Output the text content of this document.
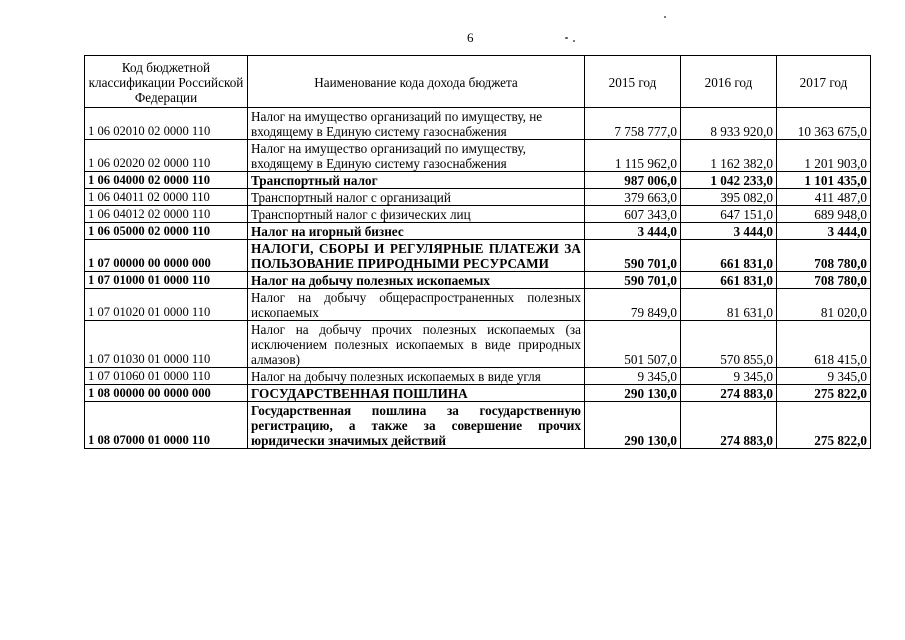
6
Код бюджетной классификации Российской Федерации	Наименование кода дохода бюджета	2015 год	2016 год	2017 год
1 06 02010 02 0000 110	Налог на имущество организаций по имуществу, не входящему в Единую систему газоснабжения	7 758 777,0	8 933 920,0	10 363 675,0
1 06 02020 02 0000 110	Налог на имущество организаций по имуществу, входящему в Единую систему газоснабжения	1 115 962,0	1 162 382,0	1 201 903,0
1 06 04000 02 0000 110	Транспортный налог	987 006,0	1 042 233,0	1 101 435,0
1 06 04011 02 0000 110	Транспортный налог с организаций	379 663,0	395 082,0	411 487,0
1 06 04012 02 0000 110	Транспортный налог с физических лиц	607 343,0	647 151,0	689 948,0
1 06 05000 02 0000 110	Налог на игорный бизнес	3 444,0	3 444,0	3 444,0
1 07 00000 00 0000 000	НАЛОГИ, СБОРЫ И РЕГУЛЯРНЫЕ ПЛАТЕЖИ ЗА ПОЛЬЗОВАНИЕ ПРИРОДНЫМИ РЕСУРСАМИ	590 701,0	661 831,0	708 780,0
1 07 01000 01 0000 110	Налог на добычу полезных ископаемых	590 701,0	661 831,0	708 780,0
1 07 01020 01 0000 110	Налог на добычу общераспространенных полезных ископаемых	79 849,0	81 631,0	81 020,0
1 07 01030 01 0000 110	Налог на добычу прочих полезных ископаемых (за исключением полезных ископаемых в виде природных алмазов)	501 507,0	570 855,0	618 415,0
1 07 01060 01 0000 110	Налог на добычу полезных ископаемых в виде угля	9 345,0	9 345,0	9 345,0
1 08 00000 00 0000 000	ГОСУДАРСТВЕННАЯ ПОШЛИНА	290 130,0	274 883,0	275 822,0
1 08 07000 01 0000 110	Государственная пошлина за государственную регистрацию, а также за совершение прочих юридически значимых действий	290 130,0	274 883,0	275 822,0
